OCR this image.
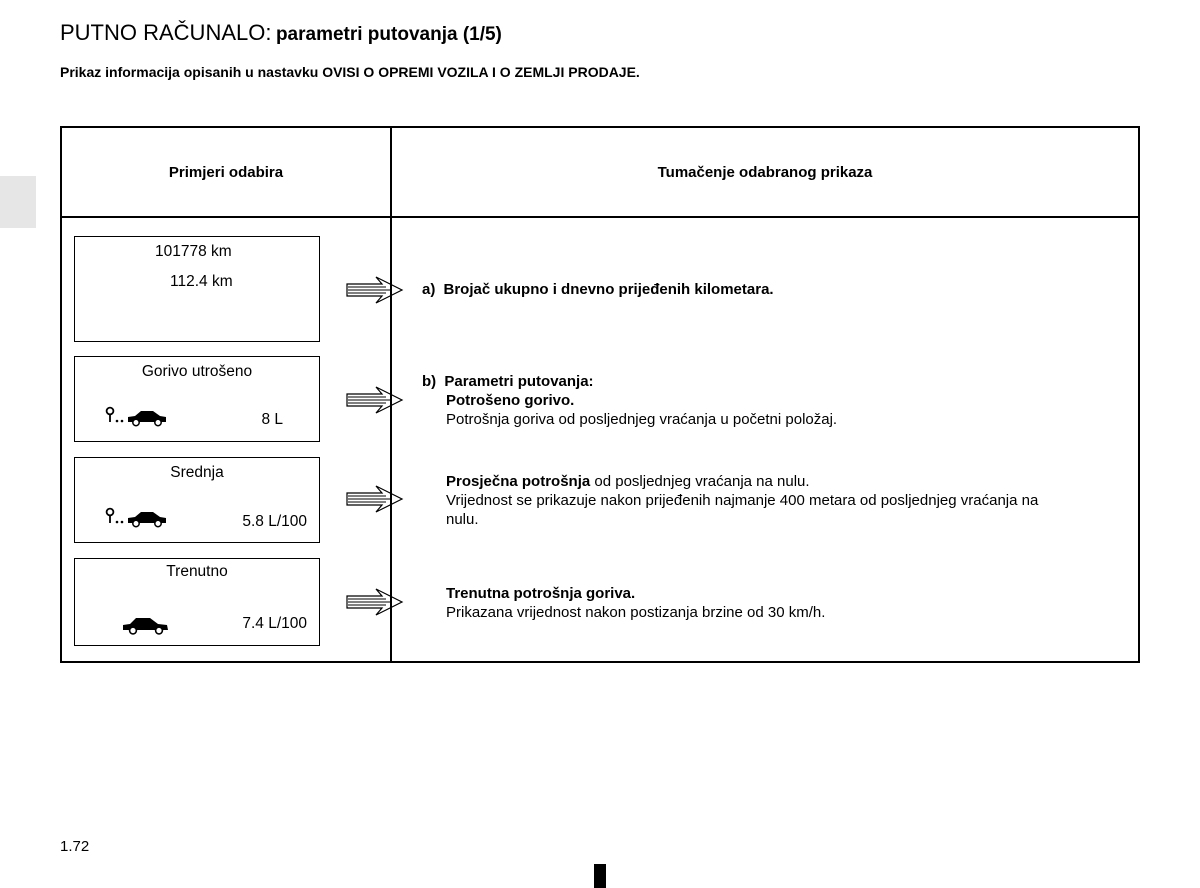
PUTNO RAČUNALO: parametri putovanja (1/5)
Prikaz informacija opisanih u nastavku OVISI O OPREMI VOZILA I O ZEMLJI PRODAJE.
Primjeri odabira	Tumačenje odabranog prikaza
101778 km
112.4 km
Gorivo utrošeno
8 L
Srednja
5.8 L/100
Trenutno
7.4 L/100
a) Brojač ukupno i dnevno prijeđenih kilometara.
b) Parametri putovanja:
Potrošeno gorivo.
Potrošnja goriva od posljednjeg vraćanja u početni položaj.
Prosječna potrošnja od posljednjeg vraćanja na nulu.
Vrijednost se prikazuje nakon prijeđenih najmanje 400 metara od posljednjeg vraćanja na
nulu.
Trenutna potrošnja goriva.
Prikazana vrijednost nakon postizanja brzine od 30 km/h.
1.72
